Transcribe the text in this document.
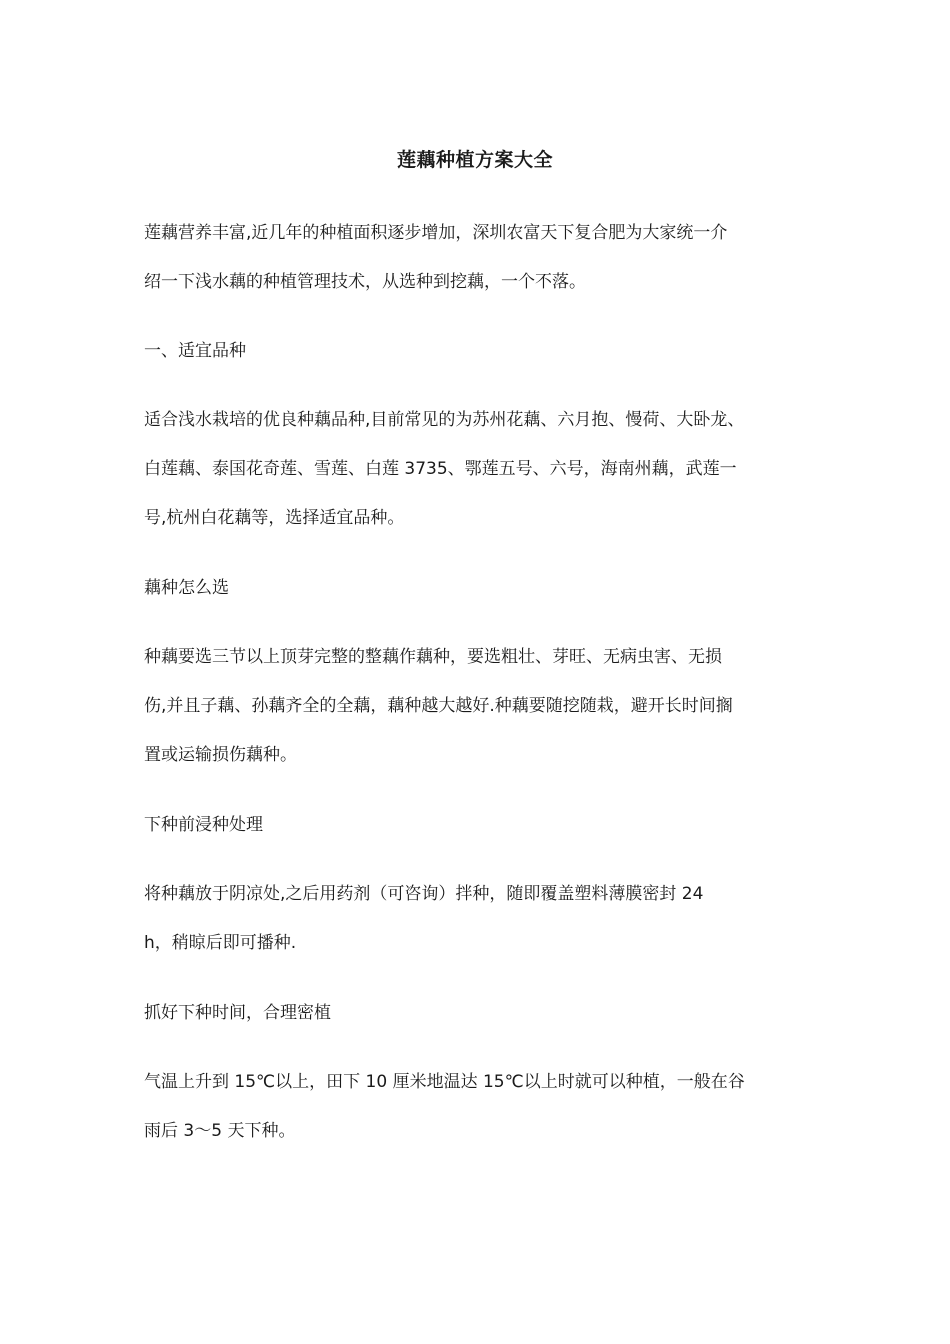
莲藕种植方案大全
莲藕营养丰富,近几年的种植面积逐步增加，深圳农富天下复合肥为大家统一介
绍一下浅水藕的种植管理技术，从选种到挖藕，一个不落。
一、适宜品种
适合浅水栽培的优良种藕品种,目前常见的为苏州花藕、六月抱、慢荷、大卧龙、
白莲藕、泰国花奇莲、雪莲、白莲 3735、鄂莲五号、六号，海南州藕，武莲一
号,杭州白花藕等，选择适宜品种。
藕种怎么选
种藕要选三节以上顶芽完整的整藕作藕种，要选粗壮、芽旺、无病虫害、无损
伤,并且子藕、孙藕齐全的全藕，藕种越大越好.种藕要随挖随栽，避开长时间搁
置或运输损伤藕种。
下种前浸种处理
将种藕放于阴凉处,之后用药剂（可咨询）拌种，随即覆盖塑料薄膜密封 24
h，稍晾后即可播种.
抓好下种时间，合理密植
气温上升到 15℃以上，田下 10 厘米地温达 15℃以上时就可以种植，一般在谷
雨后 3～5 天下种。
